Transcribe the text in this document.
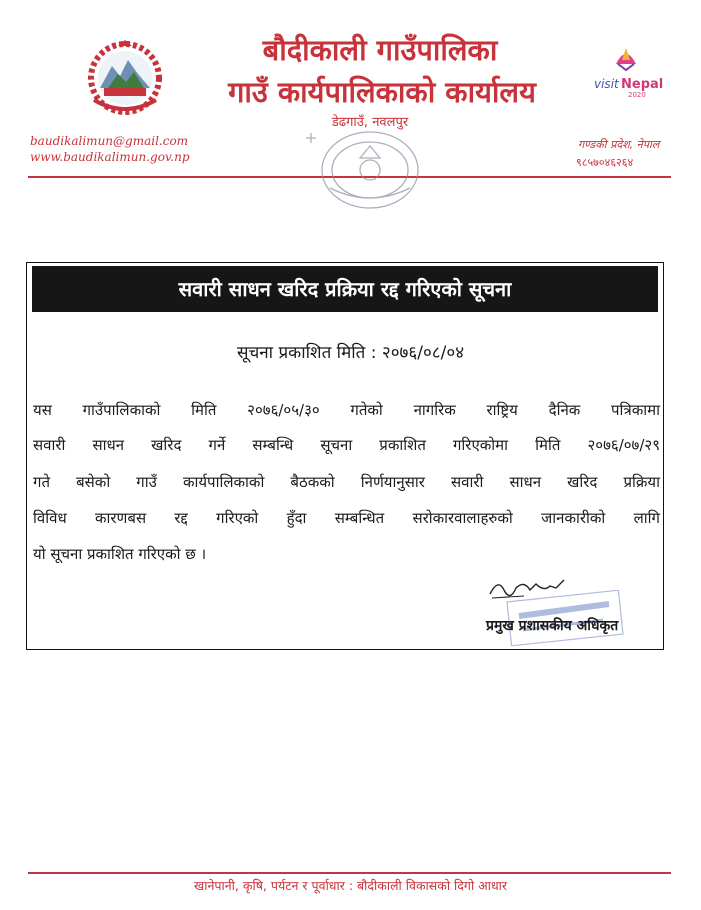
बौदीकाली गाउँपालिका
गाउँ कार्यपालिकाको कार्यालय
डेढगाउँ, नवलपुर
baudikalimun@gmail.com
www.baudikalimun.gov.np
visit Nepal
2020
गण्डकी प्रदेश, नेपाल
९८५७०४६२६४
सवारी साधन खरिद प्रक्रिया रद्द गरिएको सूचना
सूचना प्रकाशित मिति : २०७६/०८/०४
यस गाउँपालिकाको मिति २०७६/०५/३० गतेको नागरिक राष्ट्रिय दैनिक पत्रिकामा
सवारी साधन खरिद गर्ने सम्बन्धि सूचना प्रकाशित गरिएकोमा मिति २०७६/०७/२९
गते बसेको गाउँ कार्यपालिकाको बैठकको निर्णयानुसार सवारी साधन खरिद प्रक्रिया
विविध कारणबस रद्द गरिएको हुँदा सम्बन्धित सरोकारवालाहरुको जानकारीको लागि
यो सूचना प्रकाशित गरिएको छ ।
प्रमुख प्रशासकीय अधिकृत
खानेपानी, कृषि, पर्यटन र पूर्वाधार : बौदीकाली विकासको दिगो आधार
